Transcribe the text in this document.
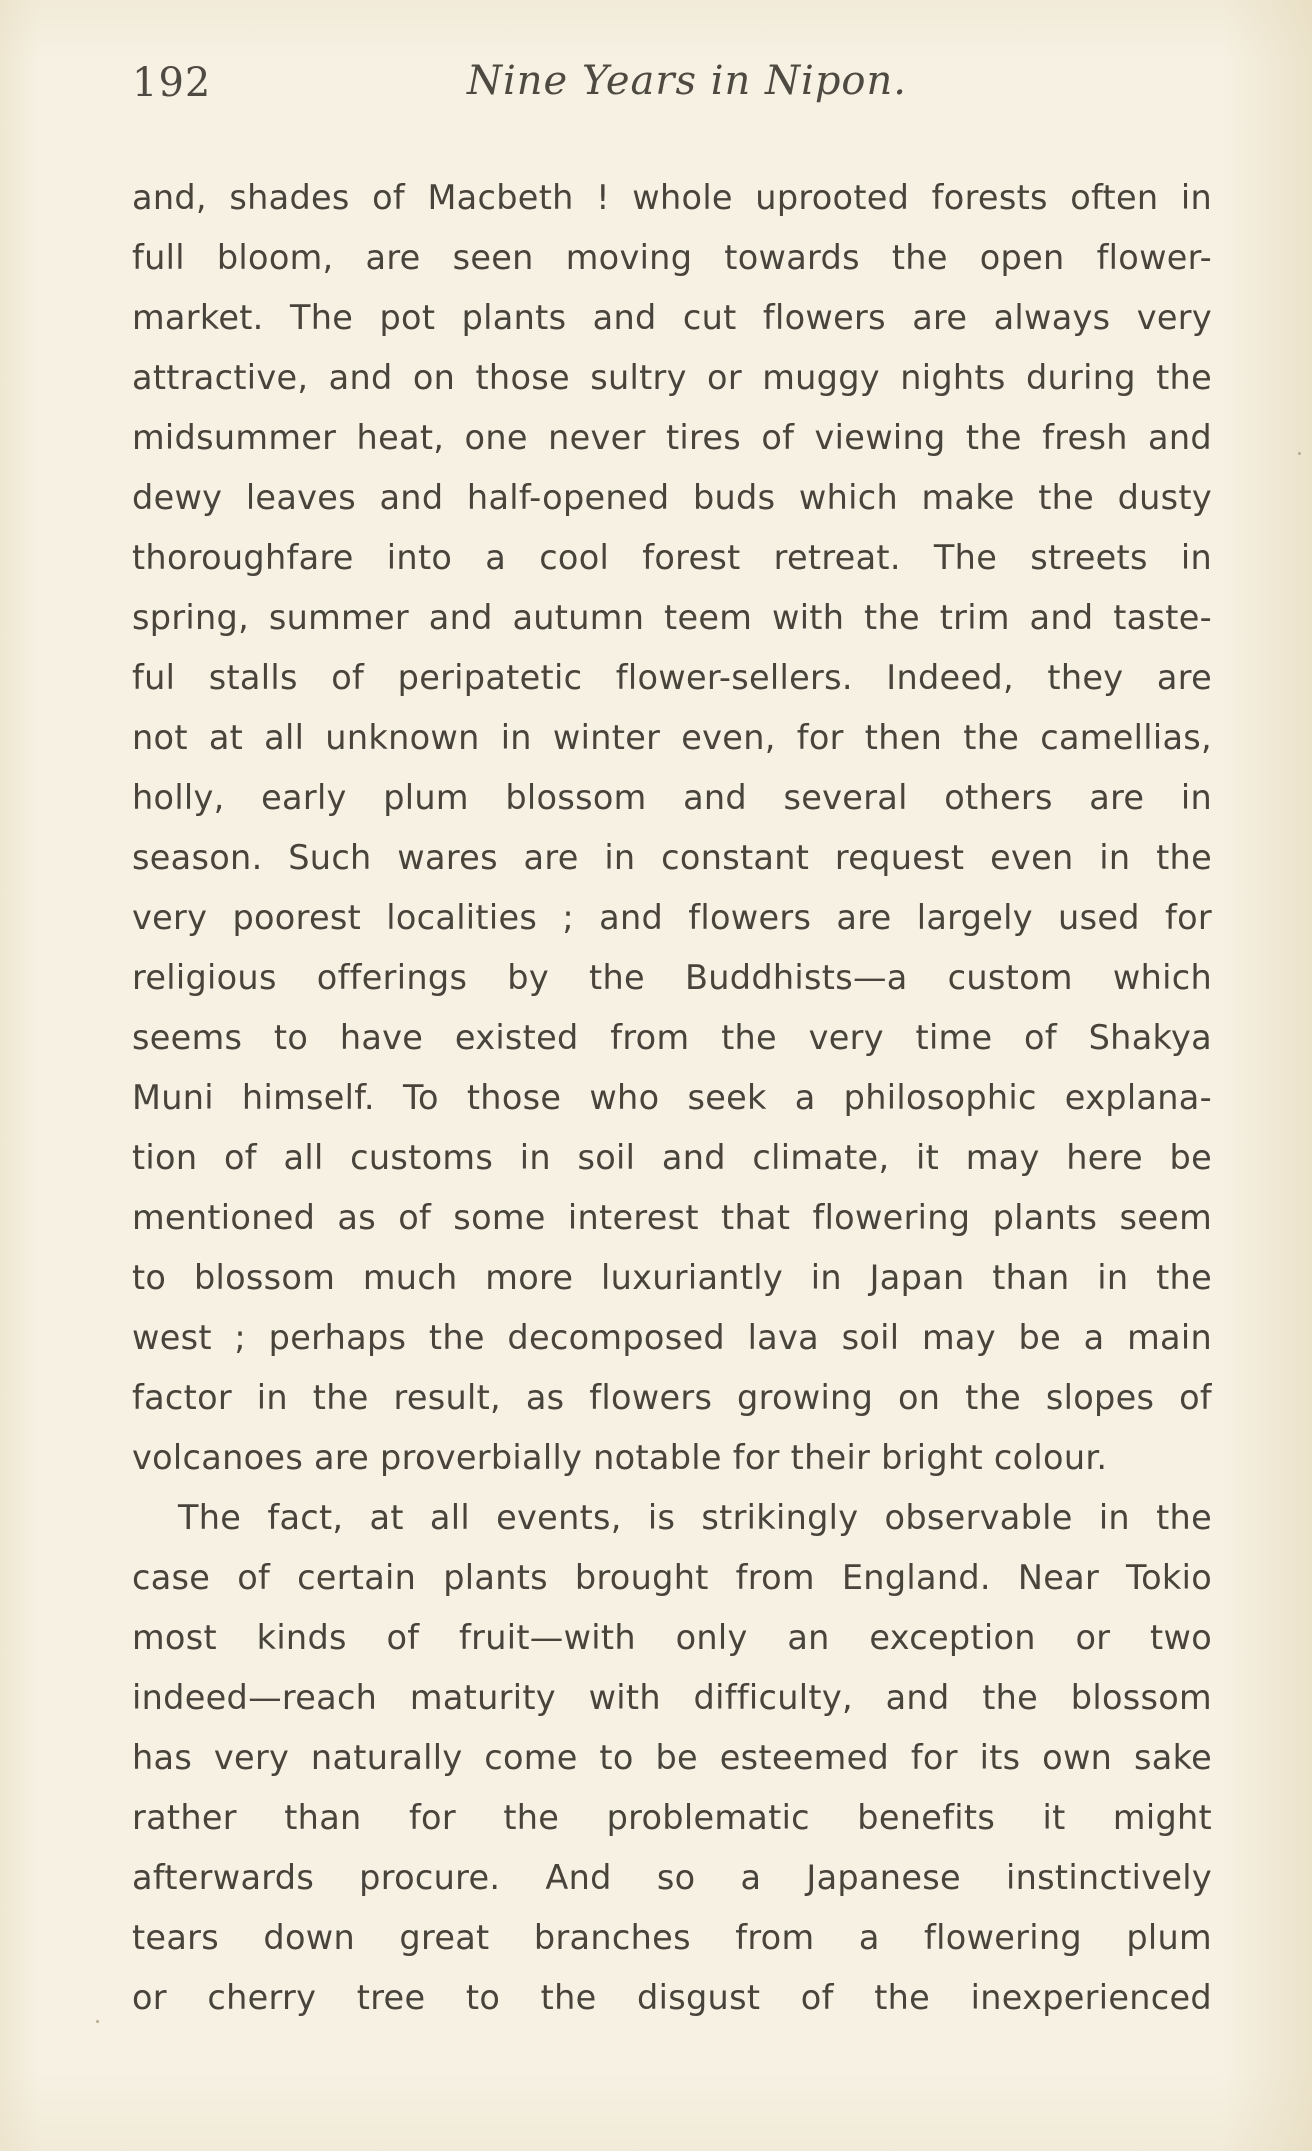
192	Nine Years in Nipon.
and, shades of Macbeth ! whole uprooted forests often in
full bloom, are seen moving towards the open flower-
market. The pot plants and cut flowers are always very
attractive, and on those sultry or muggy nights during the
midsummer heat, one never tires of viewing the fresh and
dewy leaves and half-opened buds which make the dusty
thoroughfare into a cool forest retreat. The streets in
spring, summer and autumn teem with the trim and taste-
ful stalls of peripatetic flower-sellers. Indeed, they are
not at all unknown in winter even, for then the camellias,
holly, early plum blossom and several others are in
season. Such wares are in constant request even in the
very poorest localities ; and flowers are largely used for
religious offerings by the Buddhists—a custom which
seems to have existed from the very time of Shakya
Muni himself. To those who seek a philosophic explana-
tion of all customs in soil and climate, it may here be
mentioned as of some interest that flowering plants seem
to blossom much more luxuriantly in Japan than in the
west ; perhaps the decomposed lava soil may be a main
factor in the result, as flowers growing on the slopes of
volcanoes are proverbially notable for their bright colour.
The fact, at all events, is strikingly observable in the
case of certain plants brought from England. Near Tokio
most kinds of fruit—with only an exception or two
indeed—reach maturity with difficulty, and the blossom
has very naturally come to be esteemed for its own sake
rather than for the problematic benefits it might
afterwards procure. And so a Japanese instinctively
tears down great branches from a flowering plum
or cherry tree to the disgust of the inexperienced
